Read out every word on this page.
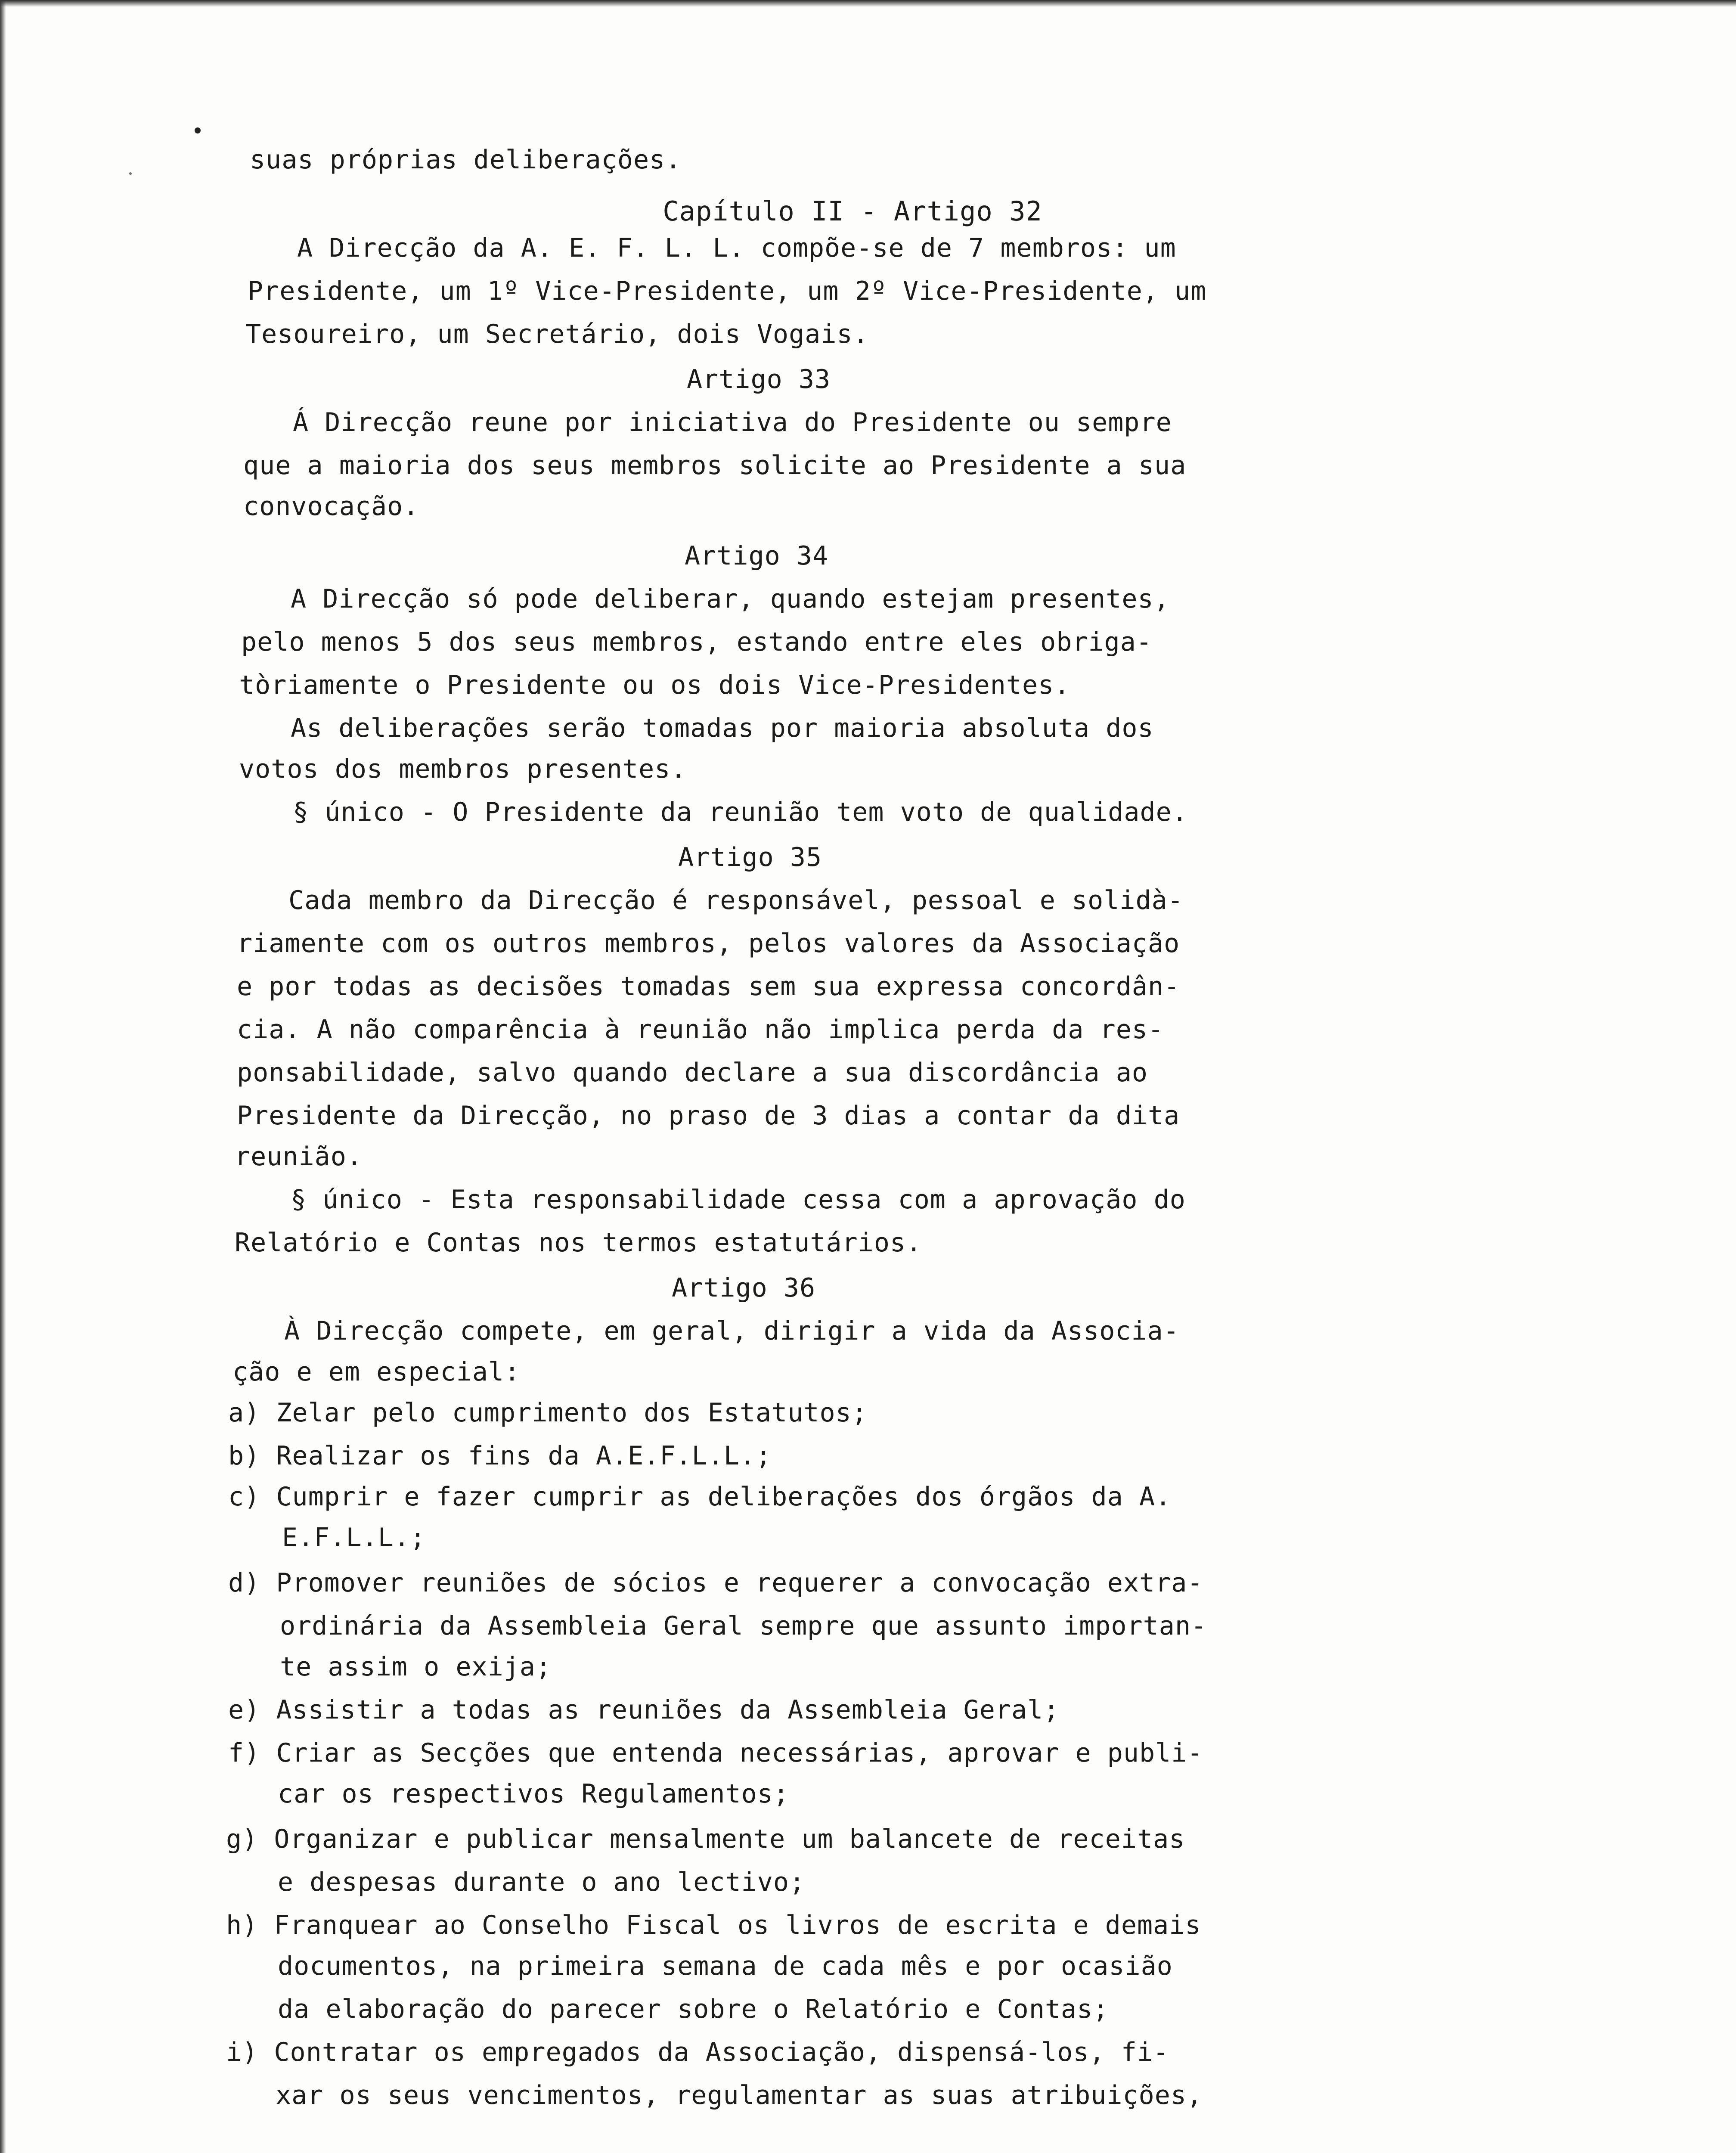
suas próprias deliberações.
Capítulo II - Artigo 32
A Direcção da A. E. F. L. L. compõe-se de 7 membros: um
Presidente, um 1º Vice-Presidente, um 2º Vice-Presidente, um
Tesoureiro, um Secretário, dois Vogais.
Artigo 33
Á Direcção reune por iniciativa do Presidente ou sempre
que a maioria dos seus membros solicite ao Presidente a sua
convocação.
Artigo 34
A Direcção só pode deliberar, quando estejam presentes,
pelo menos 5 dos seus membros, estando entre eles obriga-
tòriamente o Presidente ou os dois Vice-Presidentes.
As deliberações serão tomadas por maioria absoluta dos
votos dos membros presentes.
§ único - O Presidente da reunião tem voto de qualidade.
Artigo 35
Cada membro da Direcção é responsável, pessoal e solidà-
riamente com os outros membros, pelos valores da Associação
e por todas as decisões tomadas sem sua expressa concordân-
cia. A não comparência à reunião não implica perda da res-
ponsabilidade, salvo quando declare a sua discordância ao
Presidente da Direcção, no praso de 3 dias a contar da dita
reunião.
§ único - Esta responsabilidade cessa com a aprovação do
Relatório e Contas nos termos estatutários.
Artigo 36
À Direcção compete, em geral, dirigir a vida da Associa-
ção e em especial:
a) Zelar pelo cumprimento dos Estatutos;
b) Realizar os fins da A.E.F.L.L.;
c) Cumprir e fazer cumprir as deliberações dos órgãos da A.
E.F.L.L.;
d) Promover reuniões de sócios e requerer a convocação extra-
ordinária da Assembleia Geral sempre que assunto importan-
te assim o exija;
e) Assistir a todas as reuniões da Assembleia Geral;
f) Criar as Secções que entenda necessárias, aprovar e publi-
car os respectivos Regulamentos;
g) Organizar e publicar mensalmente um balancete de receitas
e despesas durante o ano lectivo;
h) Franquear ao Conselho Fiscal os livros de escrita e demais
documentos, na primeira semana de cada mês e por ocasião
da elaboração do parecer sobre o Relatório e Contas;
i) Contratar os empregados da Associação, dispensá-los, fi-
xar os seus vencimentos, regulamentar as suas atribuições,
